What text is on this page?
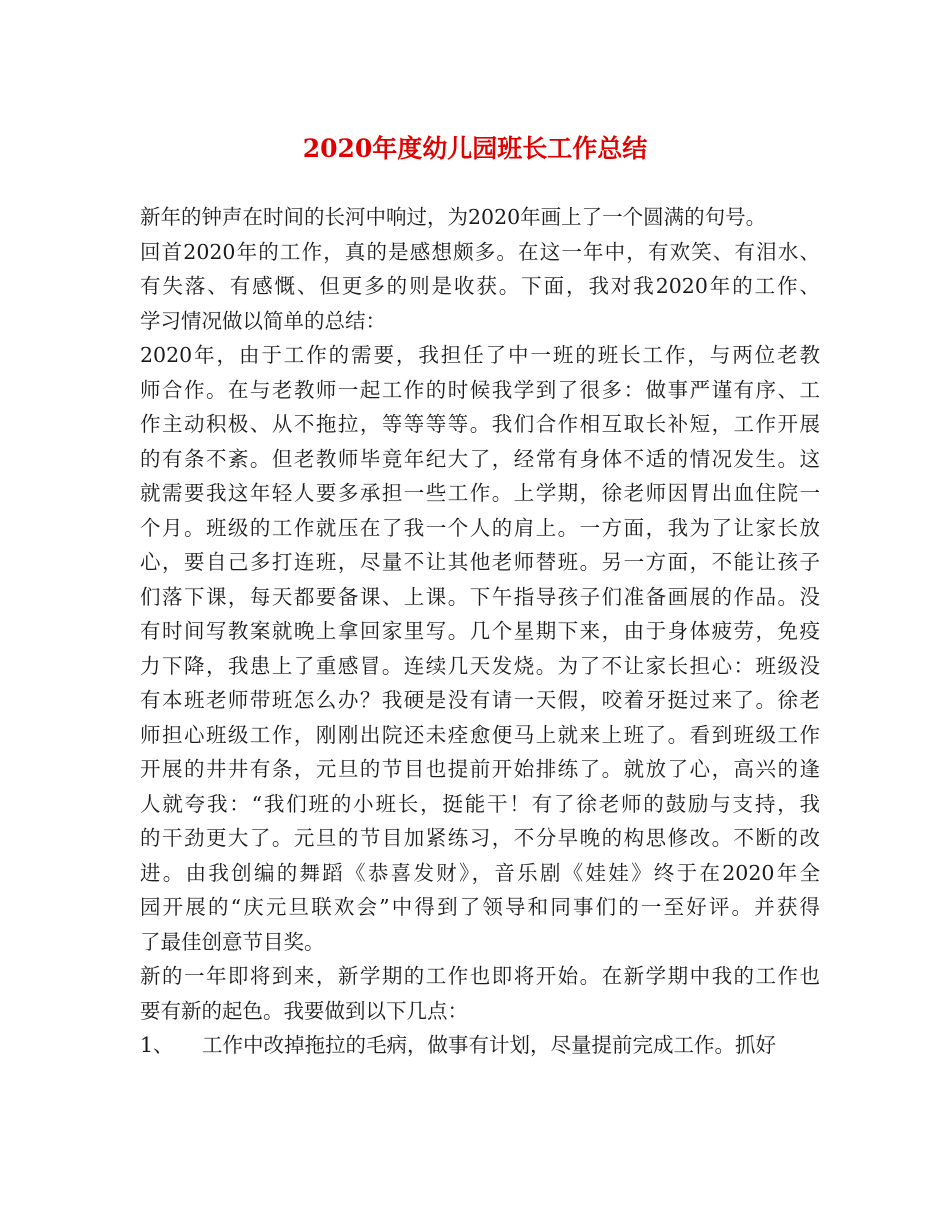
2020年度幼儿园班长工作总结
新年的钟声在时间的长河中响过，为2020年画上了一个圆满的句号。
回首2020年的工作，真的是感想颇多。在这一年中，有欢笑、有泪水、
有失落、有感慨、但更多的则是收获。下面，我对我2020年的工作、
学习情况做以简单的总结：
2020年，由于工作的需要，我担任了中一班的班长工作，与两位老教
师合作。在与老教师一起工作的时候我学到了很多：做事严谨有序、工
作主动积极、从不拖拉，等等等等。我们合作相互取长补短，工作开展
的有条不紊。但老教师毕竟年纪大了，经常有身体不适的情况发生。这
就需要我这年轻人要多承担一些工作。上学期，徐老师因胃出血住院一
个月。班级的工作就压在了我一个人的肩上。一方面，我为了让家长放
心，要自己多打连班，尽量不让其他老师替班。另一方面，不能让孩子
们落下课，每天都要备课、上课。下午指导孩子们准备画展的作品。没
有时间写教案就晚上拿回家里写。几个星期下来，由于身体疲劳，免疫
力下降，我患上了重感冒。连续几天发烧。为了不让家长担心：班级没
有本班老师带班怎么办？我硬是没有请一天假，咬着牙挺过来了。徐老
师担心班级工作，刚刚出院还未痊愈便马上就来上班了。看到班级工作
开展的井井有条，元旦的节目也提前开始排练了。就放了心，高兴的逢
人就夸我：“我们班的小班长，挺能干！有了徐老师的鼓励与支持，我
的干劲更大了。元旦的节目加紧练习，不分早晚的构思修改。不断的改
进。由我创编的舞蹈《恭喜发财》，音乐剧《娃娃》终于在2020年全
园开展的“庆元旦联欢会”中得到了领导和同事们的一至好评。并获得
了最佳创意节目奖。
新的一年即将到来，新学期的工作也即将开始。在新学期中我的工作也
要有新的起色。我要做到以下几点：
1、 工作中改掉拖拉的毛病，做事有计划，尽量提前完成工作。抓好
